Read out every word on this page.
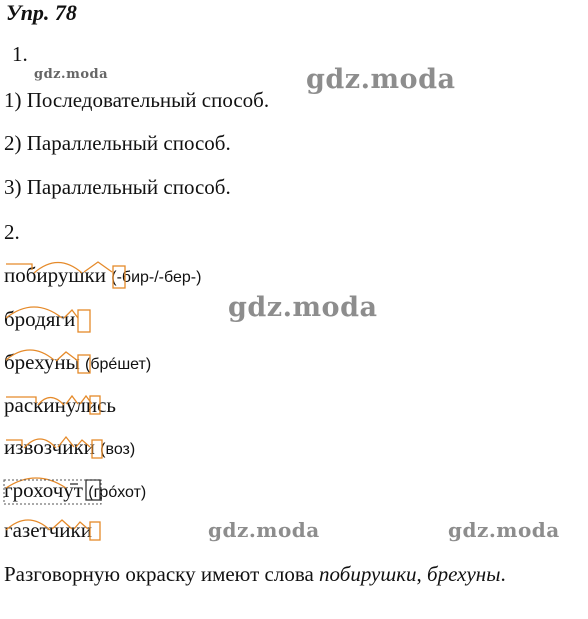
Упр. 78
1.
1) Последовательный способ.
2) Параллельный способ.
3) Параллельный способ.
2.
побирушки (-бир-/-бер-)
бродяги
брехуны (брéшет)
раскинулись
извозчики (воз)
грохочут (грóхот)
газетчики
Разговорную окраску имеют слова побирушки, брехуны.
gdz.moda	gdz.moda
gdz.moda
gdz.moda	gdz.moda
